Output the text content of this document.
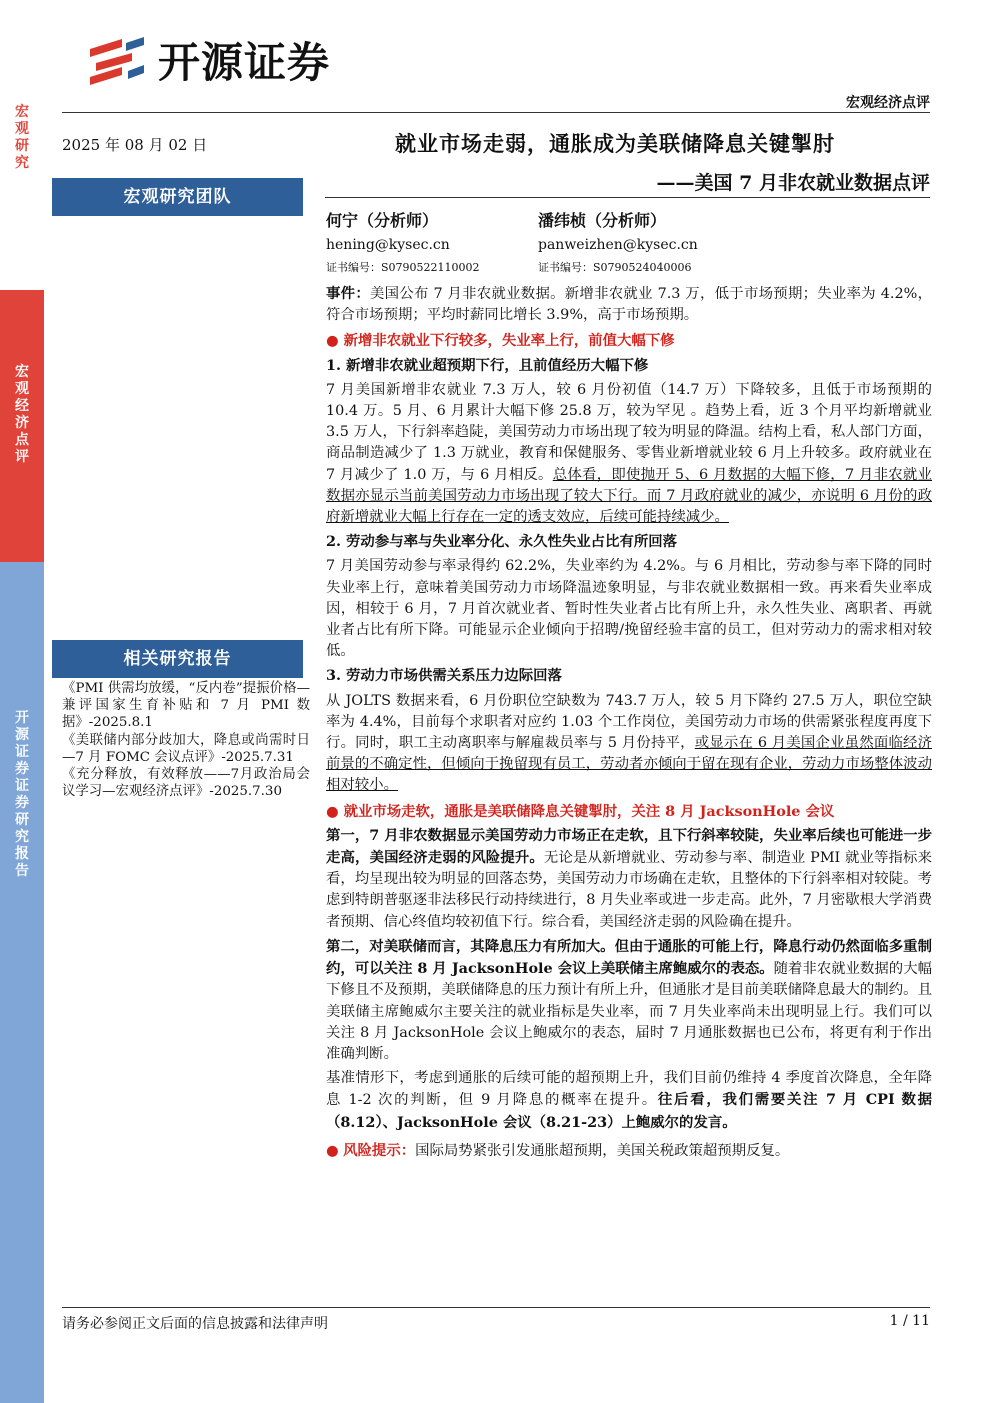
宏观研究
宏观经济点评
开源证券 证券研究报告
开源证券
宏观经济点评
2025 年 08 月 02 日	就业市场走弱，通胀成为美联储降息关键掣肘
——美国 7 月非农就业数据点评
宏观研究团队
何宁（分析师）
hening@kysec.cn
证书编号：S0790522110002
潘纬桢（分析师）
panweizhen@kysec.cn
证书编号：S0790524040006
相关研究报告

《PMI 供需均放缓，“反内卷”提振价格—兼评国家生育补贴和 7 月 PMI 数据》-2025.8.1

《美联储内部分歧加大，降息或尚需时日—7 月 FOMC 会议点评》-2025.7.31

《充分释放，有效释放——7月政治局会议学习—宏观经济点评》-2025.7.30

事件：美国公布 7 月非农就业数据。新增非农就业 7.3 万，低于市场预期；失业率为 4.2%，符合市场预期；平均时薪同比增长 3.9%，高于市场预期。

● 新增非农就业下行较多，失业率上行，前值大幅下修

1. 新增非农就业超预期下行，且前值经历大幅下修

7 月美国新增非农就业 7.3 万人，较 6 月份初值（14.7 万）下降较多，且低于市场预期的 10.4 万。5 月、6 月累计大幅下修 25.8 万，较为罕见 。趋势上看，近 3 个月平均新增就业 3.5 万人，下行斜率趋陡，美国劳动力市场出现了较为明显的降温。结构上看，私人部门方面，商品制造减少了 1.3 万就业，教育和保健服务、零售业新增就业较 6 月上升较多。政府就业在 7 月减少了 1.0 万，与 6 月相反。总体看，即使抛开 5、6 月数据的大幅下修，7 月非农就业数据亦显示当前美国劳动力市场出现了较大下行。而 7 月政府就业的减少，亦说明 6 月份的政府新增就业大幅上行存在一定的透支效应，后续可能持续减少。

2. 劳动参与率与失业率分化、永久性失业占比有所回落

7 月美国劳动参与率录得约 62.2%，失业率约为 4.2%。与 6 月相比，劳动参与率下降的同时失业率上行，意味着美国劳动力市场降温迹象明显，与非农就业数据相一致。再来看失业率成因，相较于 6 月，7 月首次就业者、暂时性失业者占比有所上升，永久性失业、离职者、再就业者占比有所下降。可能显示企业倾向于招聘/挽留经验丰富的员工，但对劳动力的需求相对较低。

3. 劳动力市场供需关系压力边际回落

从 JOLTS 数据来看，6 月份职位空缺数为 743.7 万人，较 5 月下降约 27.5 万人，职位空缺率为 4.4%，目前每个求职者对应约 1.03 个工作岗位，美国劳动力市场的供需紧张程度再度下行。同时，职工主动离职率与解雇裁员率与 5 月份持平，或显示在 6 月美国企业虽然面临经济前景的不确定性，但倾向于挽留现有员工，劳动者亦倾向于留在现有企业，劳动力市场整体波动相对较小。

● 就业市场走软，通胀是美联储降息关键掣肘，关注 8 月 JacksonHole 会议

第一，7 月非农数据显示美国劳动力市场正在走软，且下行斜率较陡，失业率后续也可能进一步走高，美国经济走弱的风险提升。无论是从新增就业、劳动参与率、制造业 PMI 就业等指标来看，均呈现出较为明显的回落态势，美国劳动力市场确在走软，且整体的下行斜率相对较陡。考虑到特朗普驱逐非法移民行动持续进行，8 月失业率或进一步走高。此外，7 月密歇根大学消费者预期、信心终值均较初值下行。综合看，美国经济走弱的风险确在提升。

第二，对美联储而言，其降息压力有所加大。但由于通胀的可能上行，降息行动仍然面临多重制约，可以关注 8 月 JacksonHole 会议上美联储主席鲍威尔的表态。随着非农就业数据的大幅下修且不及预期，美联储降息的压力预计有所上升，但通胀才是目前美联储降息最大的制约。且美联储主席鲍威尔主要关注的就业指标是失业率，而 7 月失业率尚未出现明显上行。我们可以关注 8 月 JacksonHole 会议上鲍威尔的表态，届时 7 月通胀数据也已公布，将更有利于作出准确判断。

基准情形下，考虑到通胀的后续可能的超预期上升，我们目前仍维持 4 季度首次降息，全年降息 1-2 次的判断，但 9 月降息的概率在提升。往后看，我们需要关注 7 月 CPI 数据（8.12）、JacksonHole 会议（8.21-23）上鲍威尔的发言。

● 风险提示：国际局势紧张引发通胀超预期，美国关税政策超预期反复。

请务必参阅正文后面的信息披露和法律声明	1 / 11
